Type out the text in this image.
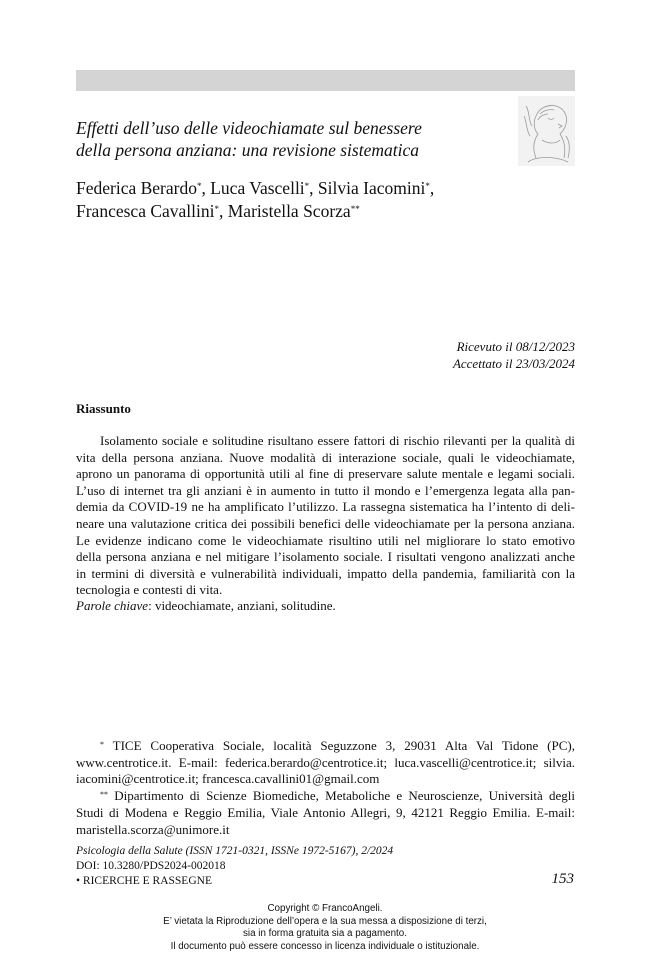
Effetti dell’uso delle videochiamate sul benessere
della persona anziana: una revisione sistematica
Federica Berardo*, Luca Vascelli*, Silvia Iacomini*,
Francesca Cavallini*, Maristella Scorza**
Ricevuto il 08/12/2023
Accettato il 23/03/2024
Riassunto
Isolamento sociale e solitudine risultano essere fattori di rischio rilevanti per la qualità di
vita della persona anziana. Nuove modalità di interazione sociale, quali le videochiamate,
aprono un panorama di opportunità utili al fine di preservare salute mentale e legami sociali.
L’uso di internet tra gli anziani è in aumento in tutto il mondo e l’emergenza legata alla pan-
demia da COVID-19 ne ha amplificato l’utilizzo. La rassegna sistematica ha l’intento di deli-
neare una valutazione critica dei possibili benefici delle videochiamate per la persona anziana.
Le evidenze indicano come le videochiamate risultino utili nel migliorare lo stato emotivo
della persona anziana e nel mitigare l’isolamento sociale. I risultati vengono analizzati anche
in termini di diversità e vulnerabilità individuali, impatto della pandemia, familiarità con la
tecnologia e contesti di vita.
Parole chiave: videochiamate, anziani, solitudine.
* TICE Cooperativa Sociale, località Seguzzone 3, 29031 Alta Val Tidone (PC),
www.centrotice.it. E-mail: federica.berardo@centrotice.it; luca.vascelli@centrotice.it; silvia.
iacomini@centrotice.it; francesca.cavallini01@gmail.com
** Dipartimento di Scienze Biomediche, Metaboliche e Neuroscienze, Università degli
Studi di Modena e Reggio Emilia, Viale Antonio Allegri, 9, 42121 Reggio Emilia. E-mail:
maristella.scorza@unimore.it
Psicologia della Salute (ISSN 1721-0321, ISSNe 1972-5167), 2/2024
DOI: 10.3280/PDS2024-002018
• RICERCHE E RASSEGNE	153
Copyright © FrancoAngeli.
E’ vietata la Riproduzione dell’opera e la sua messa a disposizione di terzi,
sia in forma gratuita sia a pagamento.
Il documento può essere concesso in licenza individuale o istituzionale.
